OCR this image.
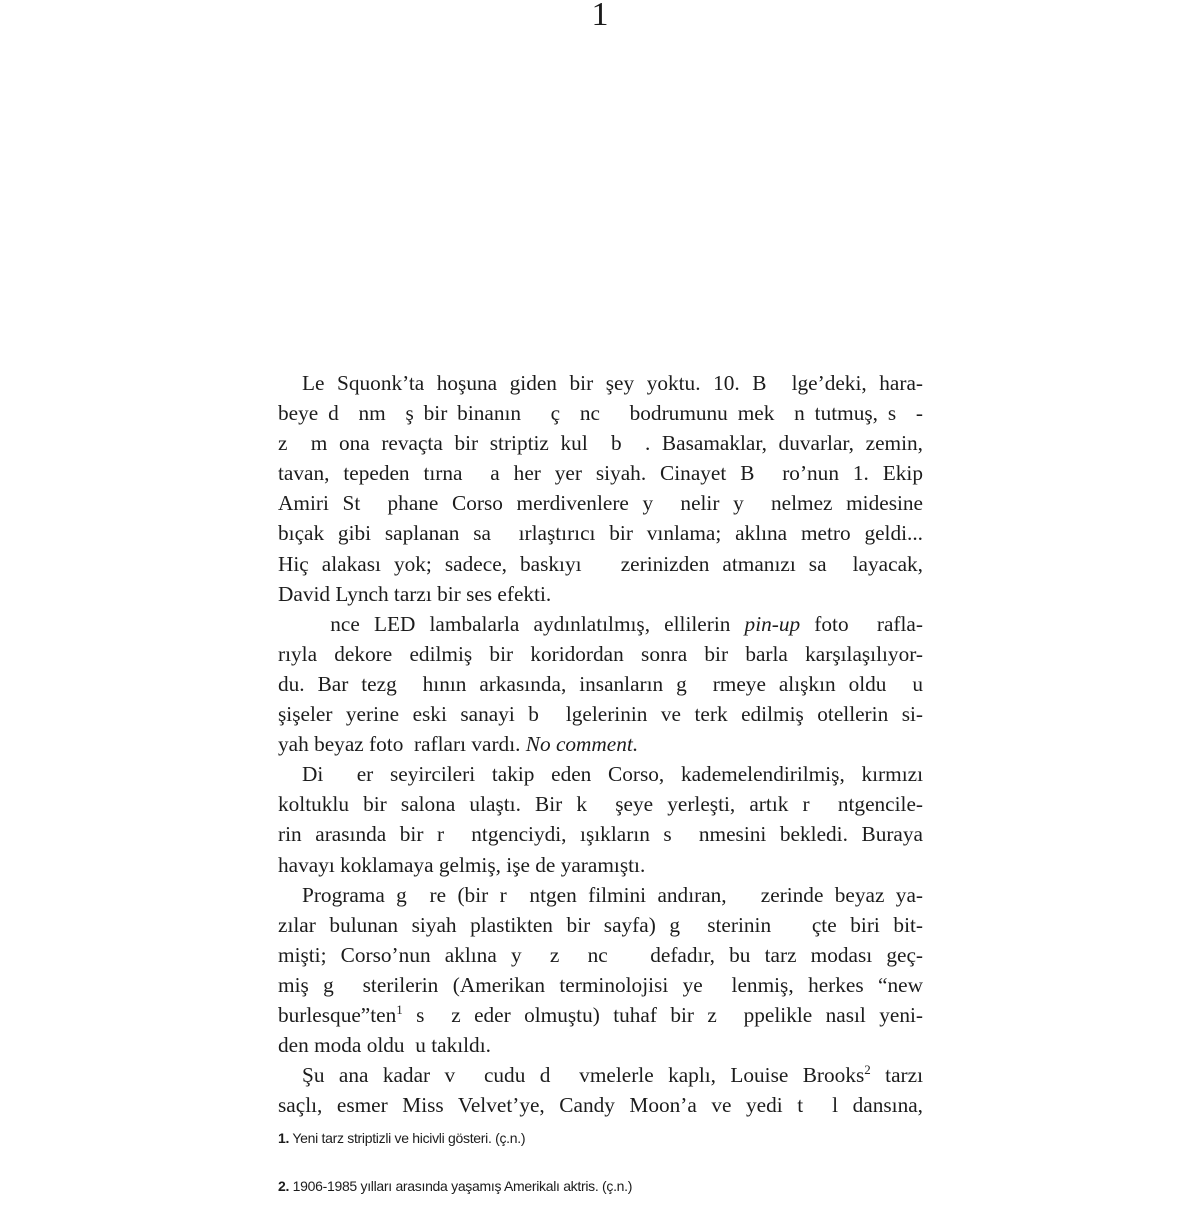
1
Le Squonk’ta hoşuna giden bir şey yoktu. 10. B  lge’deki, hara-
beye d  nm  ş bir binanın   ç  nc   bodrumunu mek  n tutmuş, s  -
z  m ona revaçta bir striptiz kul  b  . Basamaklar, duvarlar, zemin,
tavan, tepeden tırna  a her yer siyah. Cinayet B  ro’nun 1. Ekip
Amiri St  phane Corso merdivenlere y  nelir y  nelmez midesine
bıçak gibi saplanan sa  ırlaştırıcı bir vınlama; aklına metro geldi...
Hiç alakası yok; sadece, baskıyı   zerinizden atmanızı sa  layacak,
David Lynch tarzı bir ses efekti.
nce LED lambalarla aydınlatılmış, ellilerin pin-up foto  rafla-
rıyla dekore edilmiş bir koridordan sonra bir barla karşılaşılıyor-
du. Bar tezg  hının arkasında, insanların g  rmeye alışkın oldu  u
şişeler yerine eski sanayi b  lgelerinin ve terk edilmiş otellerin si-
yah beyaz foto  rafları vardı. No comment.
Di  er seyircileri takip eden Corso, kademelendirilmiş, kırmızı
koltuklu bir salona ulaştı. Bir k  şeye yerleşti, artık r  ntgencile-
rin arasında bir r  ntgenciydi, ışıkların s  nmesini bekledi. Buraya
havayı koklamaya gelmiş, işe de yaramıştı.
Programa g  re (bir r  ntgen filmini andıran,   zerinde beyaz ya-
zılar bulunan siyah plastikten bir sayfa) g  sterinin   çte biri bit-
mişti; Corso’nun aklına y  z  nc   defadır, bu tarz modası geç-
miş g  sterilerin (Amerikan terminolojisi ye  lenmiş, herkes “new
burlesque”ten$^1$ s  z eder olmuştu) tuhaf bir z  ppelikle nasıl yeni-
den moda oldu  u takıldı.
Şu ana kadar v  cudu d  vmelerle kaplı, Louise Brooks$^2$ tarzı
saçlı, esmer Miss Velvet’ye, Candy Moon’a ve yedi t  l dansına,
1. Yeni tarz striptizli ve hicivli gösteri. (ç.n.)
2. 1906-1985 yılları arasında yaşamış Amerikalı aktris. (ç.n.)
